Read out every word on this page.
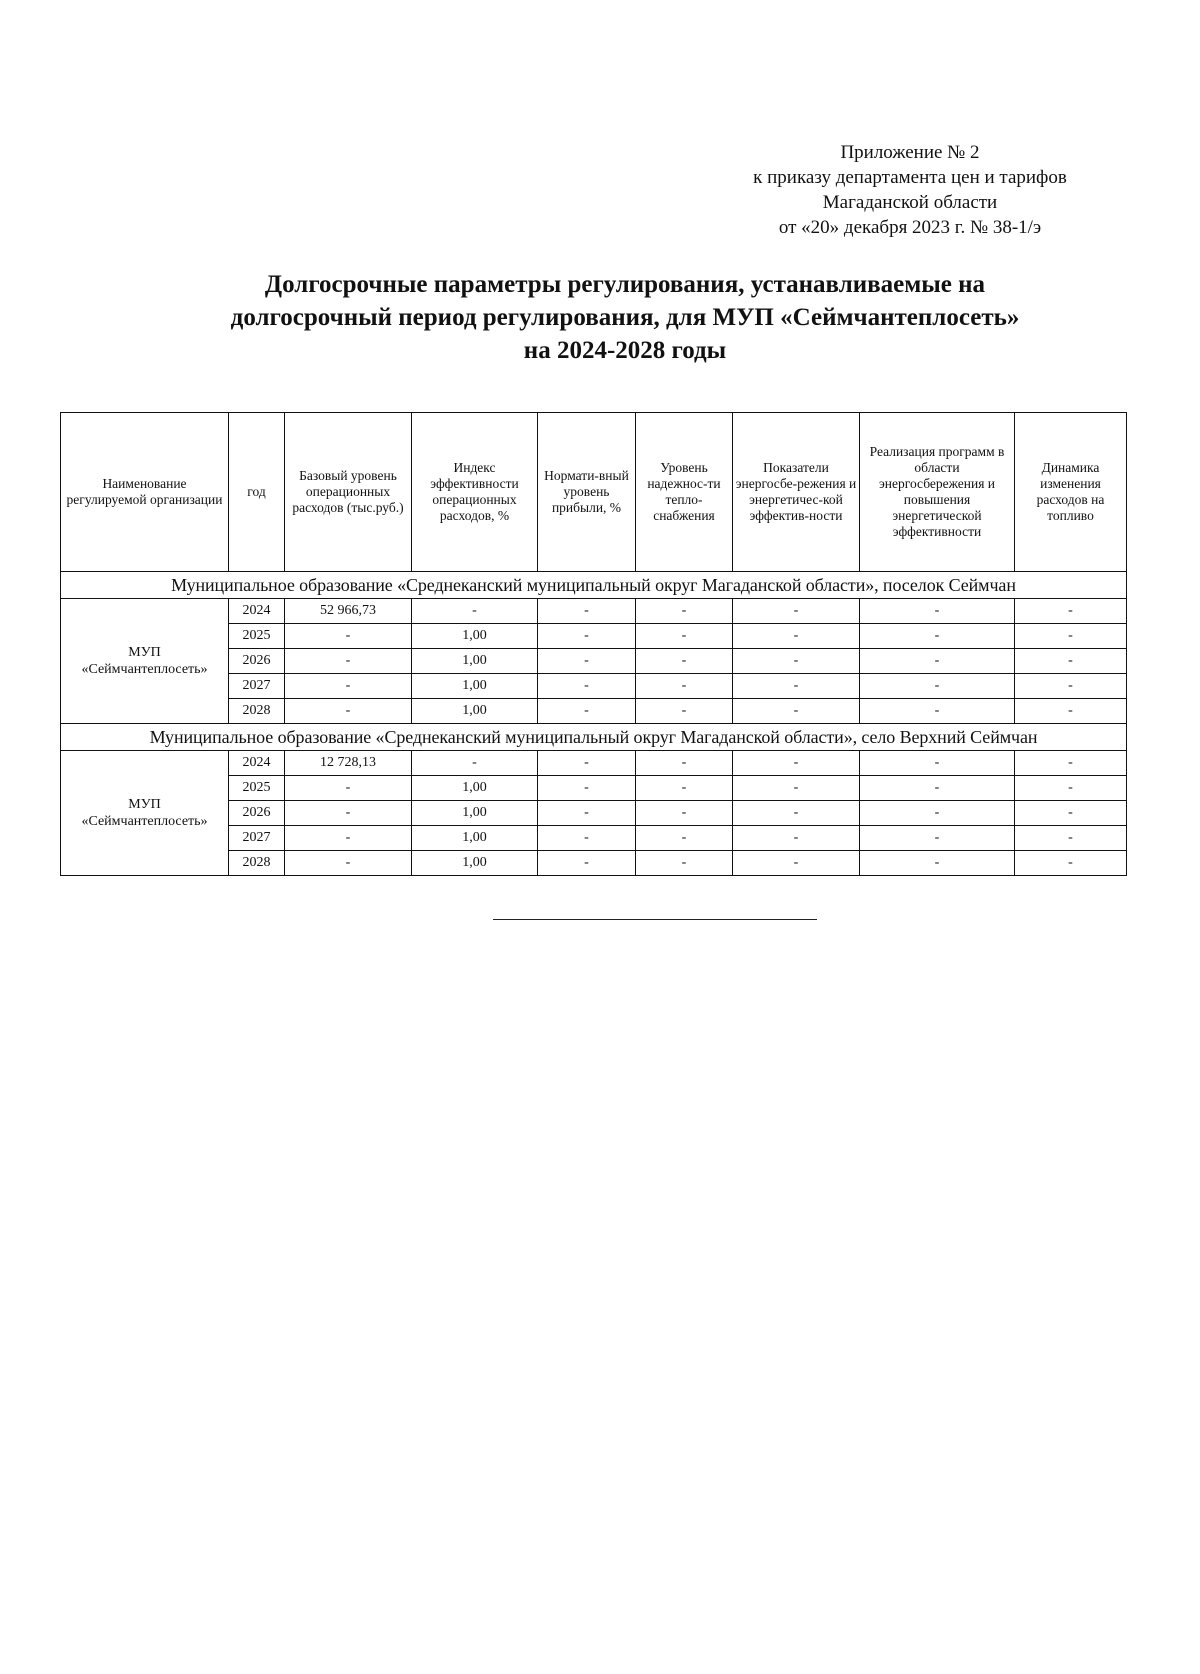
Приложение № 2
к приказу департамента цен и тарифов
Магаданской области
от «20» декабря 2023 г. № 38-1/э
Долгосрочные параметры регулирования, устанавливаемые на
долгосрочный период регулирования, для МУП «Сеймчантеплосеть»
на 2024-2028 годы
Наименование регулируемой организации	год	Базовый уровень операционных расходов (тыс.руб.)	Индекс эффективности операционных расходов, %	Нормати-вный уровень прибыли, %	Уровень надежнос-ти тепло-снабжения	Показатели энергосбе-режения и энергетичес-кой эффектив-ности	Реализация программ в области энергосбережения и повышения энергетической эффективности	Динамика изменения расходов на топливо

Муниципальное образование «Среднеканский муниципальный округ Магаданской области», поселок Сеймчан								

МУП
«Сеймчантеплосеть»	2024	52 966,73	-	-	-	-	-	-
	2025	-	1,00	-	-	-	-	-
	2026	-	1,00	-	-	-	-	-
	2027	-	1,00	-	-	-	-	-
	2028	-	1,00	-	-	-	-	-
Муниципальное образование «Среднеканский муниципальный округ Магаданской области», село Верхний Сеймчан								

МУП
«Сеймчантеплосеть»	2024	12 728,13	-	-	-	-	-	-
	2025	-	1,00	-	-	-	-	-
	2026	-	1,00	-	-	-	-	-
	2027	-	1,00	-	-	-	-	-
	2028	-	1,00	-	-	-	-	-
